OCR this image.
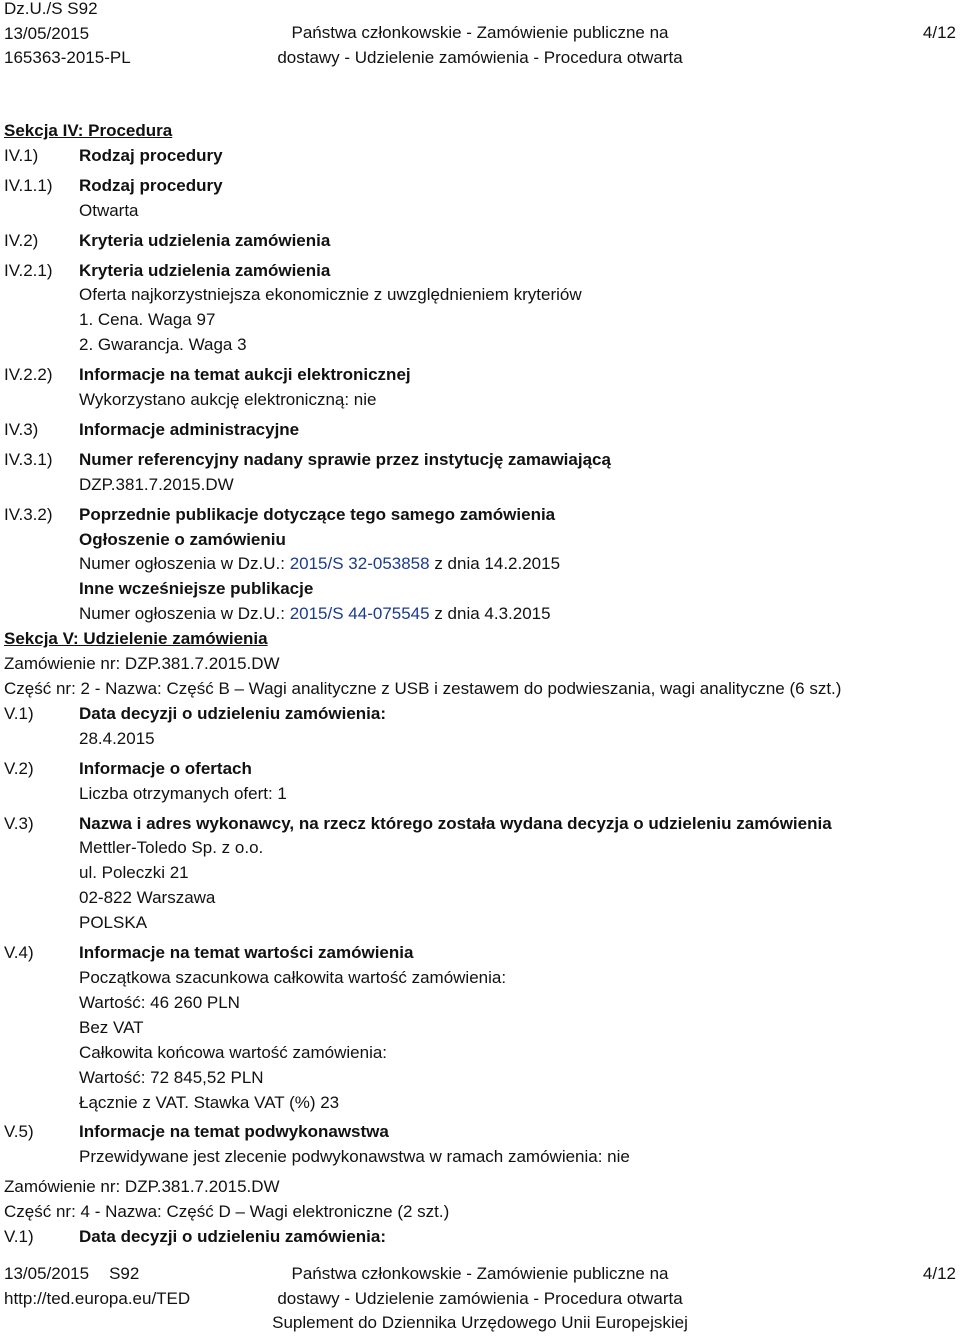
Dz.U./S S92
13/05/2015
165363-2015-PL
Państwa członkowskie - Zamówienie publiczne na
dostawy - Udzielenie zamówienia - Procedura otwarta
4/12
Sekcja IV: Procedura
IV.1)	Rodzaj procedury
IV.1.1)	Rodzaj procedury
Otwarta
IV.2)	Kryteria udzielenia zamówienia
IV.2.1)	Kryteria udzielenia zamówienia
Oferta najkorzystniejsza ekonomicznie z uwzględnieniem kryteriów
1. Cena. Waga 97
2. Gwarancja. Waga 3
IV.2.2)	Informacje na temat aukcji elektronicznej
Wykorzystano aukcję elektroniczną: nie
IV.3)	Informacje administracyjne
IV.3.1)	Numer referencyjny nadany sprawie przez instytucję zamawiającą
DZP.381.7.2015.DW
IV.3.2)	Poprzednie publikacje dotyczące tego samego zamówienia
Ogłoszenie o zamówieniu
Numer ogłoszenia w Dz.U.: 2015/S 32-053858 z dnia 14.2.2015
Inne wcześniejsze publikacje
Numer ogłoszenia w Dz.U.: 2015/S 44-075545 z dnia 4.3.2015
Sekcja V: Udzielenie zamówienia
Zamówienie nr: DZP.381.7.2015.DW
Część nr: 2 - Nazwa: Część B – Wagi analityczne z USB i zestawem do podwieszania, wagi analityczne (6 szt.)
V.1)	Data decyzji o udzieleniu zamówienia:
28.4.2015
V.2)	Informacje o ofertach
Liczba otrzymanych ofert: 1
V.3)	Nazwa i adres wykonawcy, na rzecz którego została wydana decyzja o udzieleniu zamówienia
Mettler-Toledo Sp. z o.o.
ul. Poleczki 21
02-822 Warszawa
POLSKA
V.4)	Informacje na temat wartości zamówienia
Początkowa szacunkowa całkowita wartość zamówienia:
Wartość: 46 260 PLN
Bez VAT
Całkowita końcowa wartość zamówienia:
Wartość: 72 845,52 PLN
Łącznie z VAT. Stawka VAT (%) 23
V.5)	Informacje na temat podwykonawstwa
Przewidywane jest zlecenie podwykonawstwa w ramach zamówienia: nie
Zamówienie nr: DZP.381.7.2015.DW
Część nr: 4 - Nazwa: Część D – Wagi elektroniczne (2 szt.)
V.1)	Data decyzji o udzieleniu zamówienia:
13/05/2015 S92
http://ted.europa.eu/TED
Państwa członkowskie - Zamówienie publiczne na
dostawy - Udzielenie zamówienia - Procedura otwarta
Suplement do Dziennika Urzędowego Unii Europejskiej
4/12
